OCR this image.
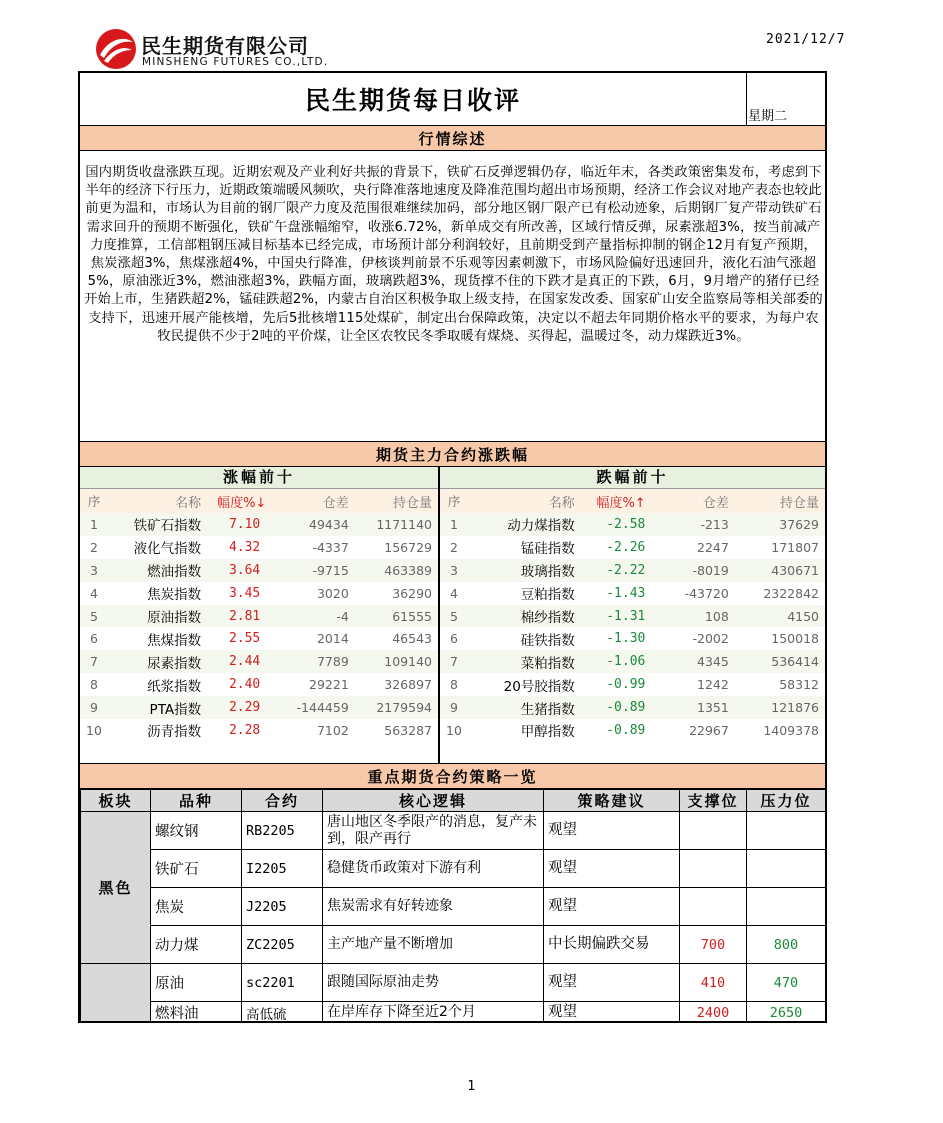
民生期货有限公司
MINSHENG FUTURES CO.,LTD.
2021/12/7
民生期货每日收评
星期二
行情综述
国内期货收盘涨跌互现。近期宏观及产业利好共振的背景下，铁矿石反弹逻辑仍存，临近年末，各类政策密集发布，考虑到下半年的经济下行压力，近期政策端暖风频吹，央行降准落地速度及降准范围均超出市场预期，经济工作会议对地产表态也较此前更为温和，市场认为目前的钢厂限产力度及范围很难继续加码，部分地区钢厂限产已有松动迹象，后期钢厂复产带动铁矿石需求回升的预期不断强化，铁矿午盘涨幅缩窄，收涨6.72%，新单成交有所改善，区域行情反弹，尿素涨超3%，按当前减产力度推算，工信部粗钢压减目标基本已经完成，市场预计部分利润较好，且前期受到产量指标抑制的钢企12月有复产预期，焦炭涨超3%，焦煤涨超4%，中国央行降准，伊核谈判前景不乐观等因素刺激下，市场风险偏好迅速回升，液化石油气涨超5%，原油涨近3%，燃油涨超3%，跌幅方面，玻璃跌超3%，现货撑不住的下跌才是真正的下跌，6月，9月增产的猪仔已经开始上市，生猪跌超2%，锰硅跌超2%，内蒙古自治区积极争取上级支持，在国家发改委、国家矿山安全监察局等相关部委的支持下，迅速开展产能核增，先后5批核增115处煤矿，制定出台保障政策，决定以不超去年同期价格水平的要求，为每户农牧民提供不少于2吨的平价煤，让全区农牧民冬季取暖有煤烧、买得起，温暖过冬，动力煤跌近3%。
期货主力合约涨跌幅
涨幅前十
序	名称	幅度%↓	仓差	持仓量
1	铁矿石指数	7.10	49434	1171140
2	液化气指数	4.32	-4337	156729
3	燃油指数	3.64	-9715	463389
4	焦炭指数	3.45	3020	36290
5	原油指数	2.81	-4	61555
6	焦煤指数	2.55	2014	46543
7	尿素指数	2.44	7789	109140
8	纸浆指数	2.40	29221	326897
9	PTA指数	2.29	-144459	2179594
10	沥青指数	2.28	7102	563287
跌幅前十
序	名称	幅度%↑	仓差	持仓量
1	动力煤指数	-2.58	-213	37629
2	锰硅指数	-2.26	2247	171807
3	玻璃指数	-2.22	-8019	430671
4	豆粕指数	-1.43	-43720	2322842
5	棉纱指数	-1.31	108	4150
6	硅铁指数	-1.30	-2002	150018
7	菜粕指数	-1.06	4345	536414
8	20号胶指数	-0.99	1242	58312
9	生猪指数	-0.89	1351	121876
10	甲醇指数	-0.89	22967	1409378
重点期货合约策略一览
板块	品种	合约	核心逻辑	策略建议	支撑位	压力位
黑色	螺纹钢	RB2205	唐山地区冬季限产的消息，复产未到，限产再行	观望		
	铁矿石	I2205	稳健货币政策对下游有利	观望		
	焦炭	J2205	焦炭需求有好转迹象	观望		
	动力煤	ZC2205	主产地产量不断增加	中长期偏跌交易	700	800
	原油	sc2201	跟随国际原油走势	观望	410	470
	燃料油	高低硫	在岸库存下降至近2个月	观望	2400	2650
1
